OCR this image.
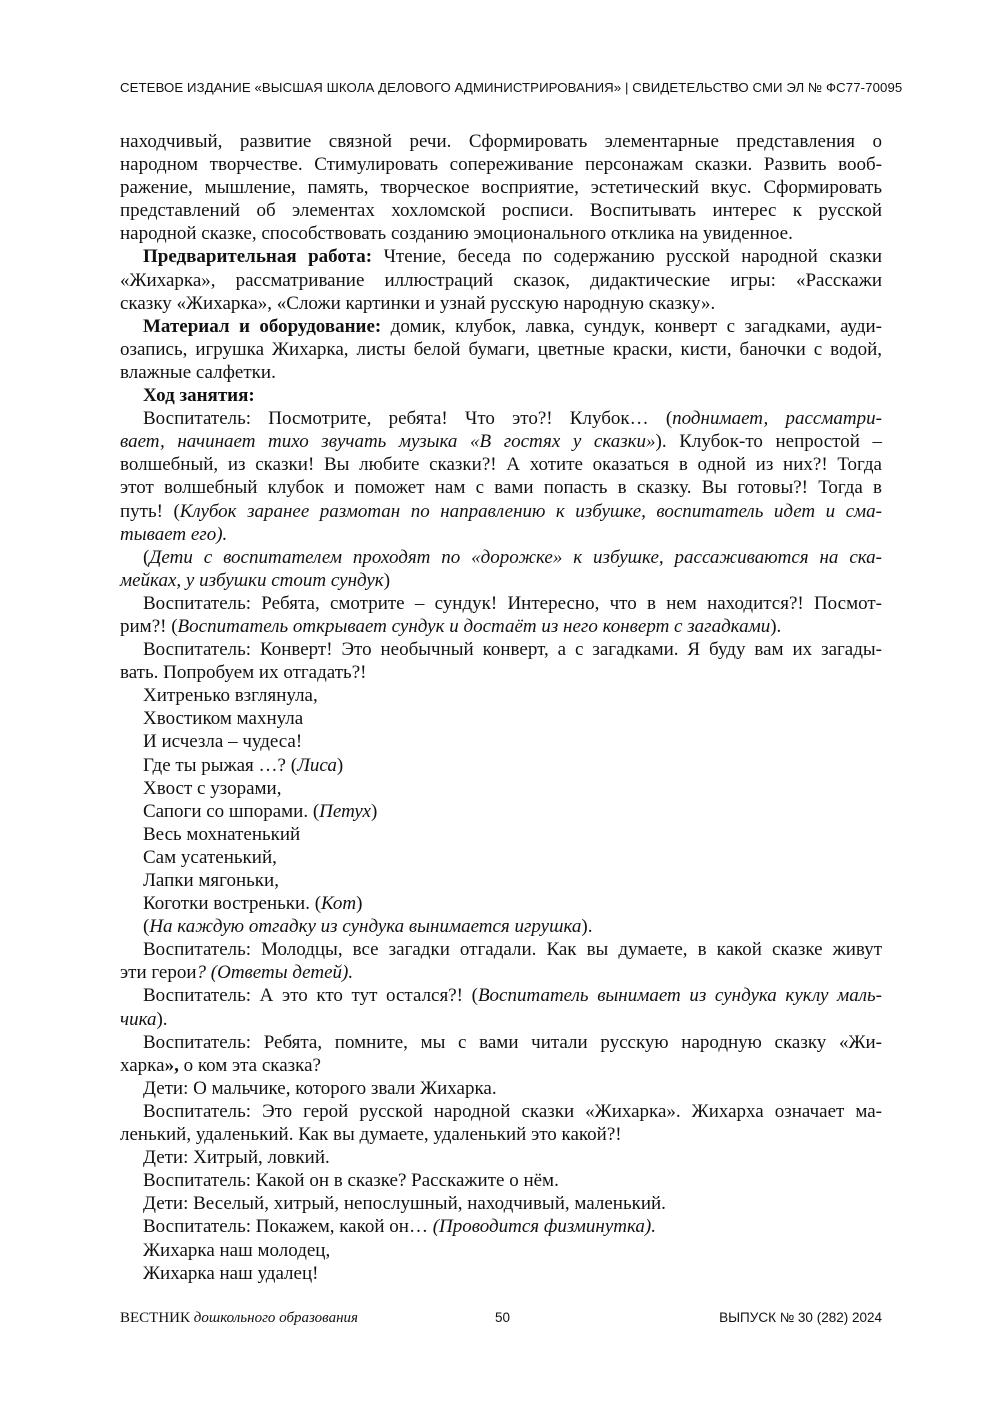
СЕТЕВОЕ ИЗДАНИЕ «ВЫСШАЯ ШКОЛА ДЕЛОВОГО АДМИНИСТРИРОВАНИЯ» | СВИДЕТЕЛЬСТВО СМИ ЭЛ № ФС77-70095

находчивый, развитие связной речи. Сформировать элементарные представления о

народном творчестве. Стимулировать сопереживание персонажам сказки. Развить вооб-

ражение, мышление, память, творческое восприятие, эстетический вкус. Сформировать

представлений об элементах хохломской росписи. Воспитывать интерес к русской

народной сказке, способствовать созданию эмоционального отклика на увиденное.

Предварительная работа: Чтение, беседа по содержанию русской народной сказки

«Жихарка», рассматривание иллюстраций сказок, дидактические игры: «Расскажи

сказку «Жихарка», «Сложи картинки и узнай русскую народную сказку».

Материал и оборудование: домик, клубок, лавка, сундук, конверт с загадками, ауди-

озапись, игрушка Жихарка, листы белой бумаги, цветные краски, кисти, баночки с водой,

влажные салфетки.

Ход занятия:

Воспитатель: Посмотрите, ребята! Что это?! Клубок… (поднимает, рассматри-

вает, начинает тихо звучать музыка «В гостях у сказки»). Клубок-то непростой –

волшебный, из сказки! Вы любите сказки?! А хотите оказаться в одной из них?! Тогда

этот волшебный клубок и поможет нам с вами попасть в сказку. Вы готовы?! Тогда в

путь! (Клубок заранее размотан по направлению к избушке, воспитатель идет и сма-

тывает его).

(Дети с воспитателем проходят по «дорожке» к избушке, рассаживаются на ска-

мейках, у избушки стоит сундук)

Воспитатель: Ребята, смотрите – сундук! Интересно, что в нем находится?! Посмот-

рим?! (Воспитатель открывает сундук и достаёт из него конверт с загадками).

Воспитатель: Конверт! Это необычный конверт, а с загадками. Я буду вам их загады-

вать. Попробуем их отгадать?!

Хитренько взглянула,

Хвостиком махнула

И исчезла – чудеса!

Где ты рыжая …? (Лиса)

Хвост с узорами,

Сапоги со шпорами. (Петух)

Весь мохнатенький

Сам усатенький,

Лапки мягоньки,

Коготки востреньки. (Кот)

(На каждую отгадку из сундука вынимается игрушка).

Воспитатель: Молодцы, все загадки отгадали. Как вы думаете, в какой сказке живут

эти герои? (Ответы детей).

Воспитатель: А это кто тут остался?! (Воспитатель вынимает из сундука куклу маль-

чика).

Воспитатель: Ребята, помните, мы с вами читали русскую народную сказку «Жи-

харка», о ком эта сказка?

Дети: О мальчике, которого звали Жихарка.

Воспитатель: Это герой русской народной сказки «Жихарка». Жихарха означает ма-

ленький, удаленький. Как вы думаете, удаленький это какой?!

Дети: Хитрый, ловкий.

Воспитатель: Какой он в сказке? Расскажите о нём.

Дети: Веселый, хитрый, непослушный, находчивый, маленький.

Воспитатель: Покажем, какой он… (Проводится физминутка).

Жихарка наш молодец,

Жихарка наш удалец!

ВЕСТНИК дошкольного образования	50	ВЫПУСК № 30 (282) 2024
